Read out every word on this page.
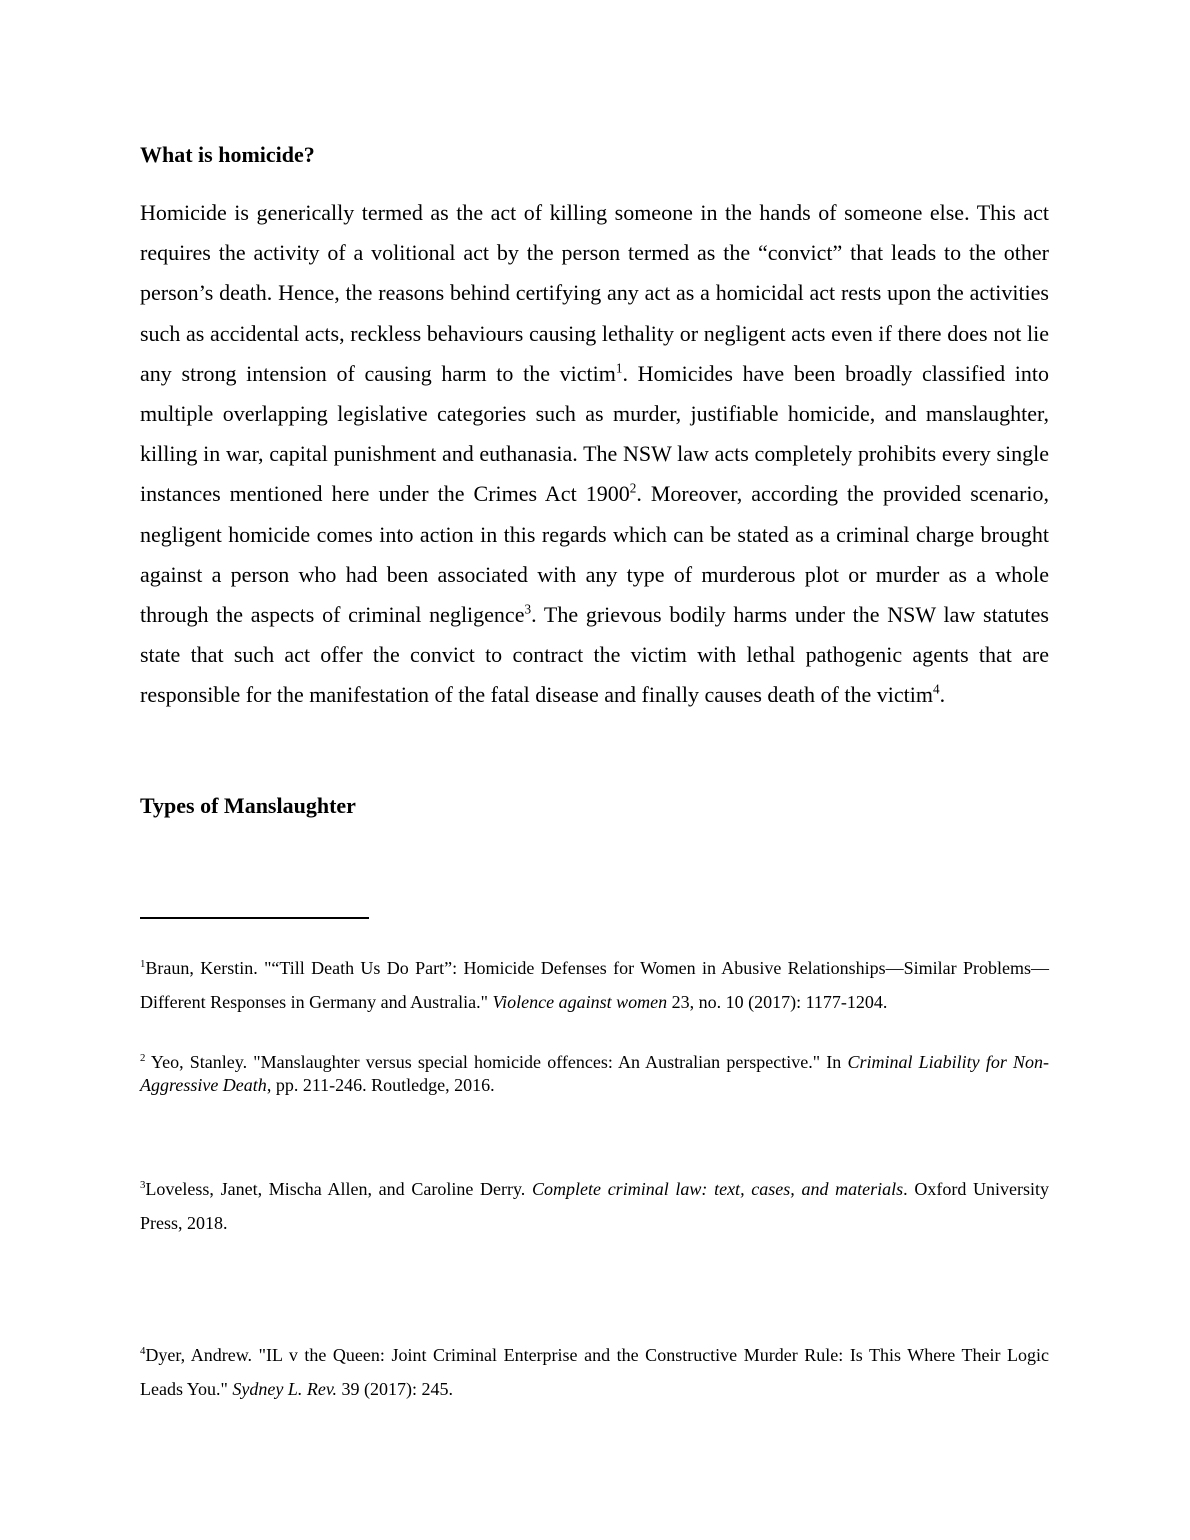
What is homicide?

Homicide is generically termed as the act of killing someone in the hands of someone else. This act requires the activity of a volitional act by the person termed as the “convict” that leads to the other person’s death. Hence, the reasons behind certifying any act as a homicidal act rests upon the activities such as accidental acts, reckless behaviours causing lethality or negligent acts even if there does not lie any strong intension of causing harm to the victim$^1$. Homicides have been broadly classified into multiple overlapping legislative categories such as murder, justifiable homicide, and manslaughter, killing in war, capital punishment and euthanasia. The NSW law acts completely prohibits every single instances mentioned here under the Crimes Act 1900$^2$. Moreover, according the provided scenario, negligent homicide comes into action in this regards which can be stated as a criminal charge brought against a person who had been associated with any type of murderous plot or murder as a whole through the aspects of criminal negligence$^3$. The grievous bodily harms under the NSW law statutes state that such act offer the convict to contract the victim with lethal pathogenic agents that are responsible for the manifestation of the fatal disease and finally causes death of the victim$^4$.

Types of Manslaughter

$^1$Braun, Kerstin. "“Till Death Us Do Part”: Homicide Defenses for Women in Abusive Relationships—Similar Problems—Different Responses in Germany and Australia." Violence against women 23, no. 10 (2017): 1177-1204.

$^2$ Yeo, Stanley. "Manslaughter versus special homicide offences: An Australian perspective." In Criminal Liability for Non-Aggressive Death, pp. 211-246. Routledge, 2016.

$^3$Loveless, Janet, Mischa Allen, and Caroline Derry. Complete criminal law: text, cases, and materials. Oxford University Press, 2018.

$^4$Dyer, Andrew. "IL v the Queen: Joint Criminal Enterprise and the Constructive Murder Rule: Is This Where Their Logic Leads You." Sydney L. Rev. 39 (2017): 245.
